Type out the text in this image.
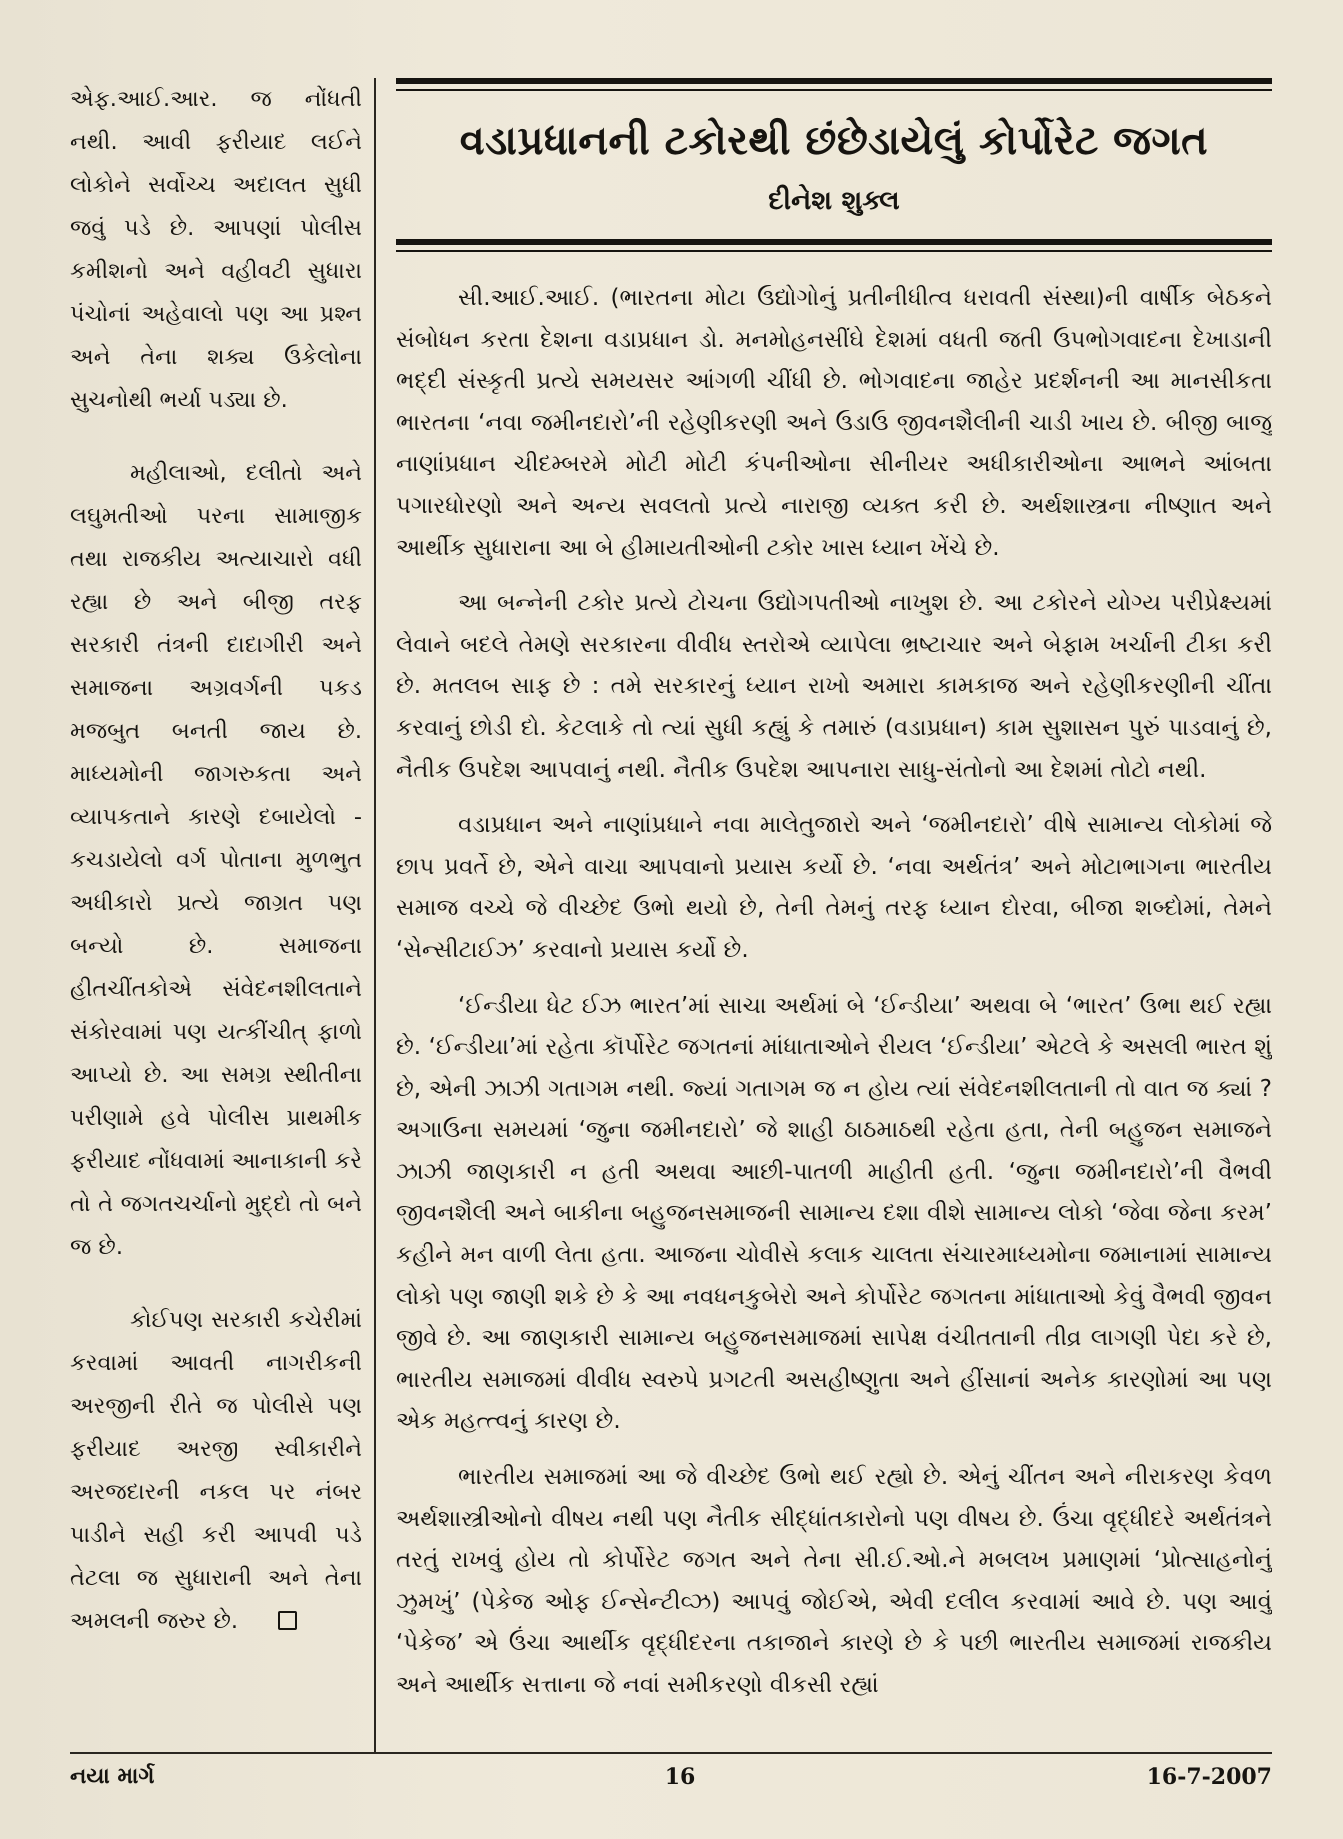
એફ.આઈ.આર. જ નોંધતી નથી. આવી ફરીયાદ લઈને લોકોને સર્વોચ્ચ અદાલત સુધી જવું પડે છે. આપણાં પોલીસ કમીશનો અને વહીવટી સુધારા પંચોનાં અહેવાલો પણ આ પ્રશ્ન અને તેના શક્ય ઉકેલોના સુચનોથી ભર્યા પડ્યા છે.

મહીલાઓ, દલીતો અને લઘુમતીઓ પરના સામાજીક તથા રાજકીય અત્યાચારો વધી રહ્યા છે અને બીજી તરફ સરકારી તંત્રની દાદાગીરી અને સમાજના અગ્રવર્ગની પકડ મજબુત બનતી જાય છે. માધ્યમોની જાગરુકતા અને વ્યાપકતાને કારણે દબાયેલો - કચડાયેલો વર્ગ પોતાના મુળભુત અધીકારો પ્રત્યે જાગ્રત પણ બન્યો છે. સમાજના હીતચીંતકોએ સંવેદનશીલતાને સંકોરવામાં પણ યત્કીંચીત્ ફાળો આપ્યો છે. આ સમગ્ર સ્થીતીના પરીણામે હવે પોલીસ પ્રાથમીક ફરીયાદ નોંધવામાં આનાકાની કરે તો તે જગતચર્ચાનો મુદ્દો તો બને જ છે.

કોઈપણ સરકારી કચેરીમાં કરવામાં આવતી નાગરીકની અરજીની રીતે જ પોલીસે પણ ફરીયાદ અરજી સ્વીકારીને અરજદારની નકલ પર નંબર પાડીને સહી કરી આપવી પડે તેટલા જ સુધારાની અને તેના અમલની જરુર છે.

વડાપ્રધાનની ટકોરથી છંછેડાયેલું કોર્પોરેટ જગત
દીનેશ શુક્લ

સી.આઈ.આઈ. (ભારતના મોટા ઉદ્યોગોનું પ્રતીનીધીત્વ ધરાવતી સંસ્થા)ની વાર્ષીક બેઠકને સંબોધન કરતા દેશના વડાપ્રધાન ડો. મનમોહનસીંઘે દેશમાં વધતી જતી ઉપભોગવાદના દેખાડાની ભદ્દી સંસ્કૃતી પ્રત્યે સમયસર આંગળી ચીંધી છે. ભોગવાદના જાહેર પ્રદર્શનની આ માનસીકતા ભારતના ‘નવા જમીનદારો’ની રહેણીકરણી અને ઉડાઉ જીવનશૈલીની ચાડી ખાય છે. બીજી બાજુ નાણાંપ્રધાન ચીદમ્બરમે મોટી મોટી કંપનીઓના સીનીયર અધીકારીઓના આભને આંબતા પગારધોરણો અને અન્ય સવલતો પ્રત્યે નારાજી વ્યક્ત કરી છે. અર્થશાસ્ત્રના નીષ્ણાત અને આર્થીક સુધારાના આ બે હીમાયતીઓની ટકોર ખાસ ધ્યાન ખેંચે છે.

આ બન્નેની ટકોર પ્રત્યે ટોચના ઉદ્યોગપતીઓ નાખુશ છે. આ ટકોરને યોગ્ય પરીપ્રેક્ષ્યમાં લેવાને બદલે તેમણે સરકારના વીવીધ સ્તરોએ વ્યાપેલા ભ્રષ્ટાચાર અને બેફામ ખર્ચાની ટીકા કરી છે. મતલબ સાફ છે : તમે સરકારનું ધ્યાન રાખો અમારા કામકાજ અને રહેણીકરણીની ચીંતા કરવાનું છોડી દો. કેટલાકે તો ત્યાં સુધી કહ્યું કે તમારું (વડાપ્રધાન) કામ સુશાસન પુરું પાડવાનું છે, નૈતીક ઉપદેશ આપવાનું નથી. નૈતીક ઉપદેશ આપનારા સાધુ-સંતોનો આ દેશમાં તોટો નથી.

વડાપ્રધાન અને નાણાંપ્રધાને નવા માલેતુજારો અને ‘જમીનદારો’ વીષે સામાન્ય લોકોમાં જે છાપ પ્રવર્તે છે, એને વાચા આપવાનો પ્રયાસ કર્યો છે. ‘નવા અર્થતંત્ર’ અને મોટાભાગના ભારતીય સમાજ વચ્ચે જે વીચ્છેદ ઉભો થયો છે, તેની તેમનું તરફ ધ્યાન દોરવા, બીજા શબ્દોમાં, તેમને ‘સેન્સીટાઈઝ’ કરવાનો પ્રયાસ કર્યો છે.

‘ઈન્ડીયા ધેટ ઈઝ ભારત’માં સાચા અર્થમાં બે ‘ઈન્ડીયા’ અથવા બે ‘ભારત’ ઉભા થઈ રહ્યા છે. ‘ઈન્ડીયા’માં રહેતા કૉર્પોરેટ જગતનાં માંધાતાઓને રીયલ ‘ઈન્ડીયા’ એટલે કે અસલી ભારત શું છે, એની ઝાઝી ગતાગમ નથી. જ્યાં ગતાગમ જ ન હોય ત્યાં સંવેદનશીલતાની તો વાત જ ક્યાં ? અગાઉના સમયમાં ‘જુના જમીનદારો’ જે શાહી ઠાઠમાઠથી રહેતા હતા, તેની બહુજન સમાજને ઝાઝી જાણકારી ન હતી અથવા આછી-પાતળી માહીતી હતી. ‘જુના જમીનદારો’ની વૈભવી જીવનશૈલી અને બાકીના બહુજનસમાજની સામાન્ય દશા વીશે સામાન્ય લોકો ‘જેવા જેના કરમ’ કહીને મન વાળી લેતા હતા. આજના ચોવીસે કલાક ચાલતા સંચારમાધ્યમોના જમાનામાં સામાન્ય લોકો પણ જાણી શકે છે કે આ નવધનકુબેરો અને કોર્પોરેટ જગતના માંધાતાઓ કેવું વૈભવી જીવન જીવે છે. આ જાણકારી સામાન્ય બહુજનસમાજમાં સાપેક્ષ વંચીતતાની તીવ્ર લાગણી પેદા કરે છે, ભારતીય સમાજમાં વીવીધ સ્વરુપે પ્રગટતી અસહીષ્ણુતા અને હીંસાનાં અનેક કારણોમાં આ પણ એક મહત્ત્વનું કારણ છે.

ભારતીય સમાજમાં આ જે વીચ્છેદ ઉભો થઈ રહ્યો છે. એનું ચીંતન અને નીરાકરણ કેવળ અર્થશાસ્ત્રીઓનો વીષય નથી પણ નૈતીક સીદ્ધાંતકારોનો પણ વીષય છે. ઉંચા વૃદ્ધીદરે અર્થતંત્રને તરતું રાખવું હોય તો કોર્પોરેટ જગત અને તેના સી.ઈ.ઓ.ને મબલખ પ્રમાણમાં ‘પ્રોત્સાહનોનું ઝુમખું’ (પેકેજ ઓફ ઈન્સેન્ટીવ્ઝ) આપવું જોઈએ, એવી દલીલ કરવામાં આવે છે. પણ આવું ‘પેકેજ’ એ ઉંચા આર્થીક વૃદ્ધીદરના તકાજાને કારણે છે કે પછી ભારતીય સમાજમાં રાજકીય અને આર્થીક સત્તાના જે નવાં સમીકરણો વીકસી રહ્યાં

નયા માર્ગ	16	16-7-2007
